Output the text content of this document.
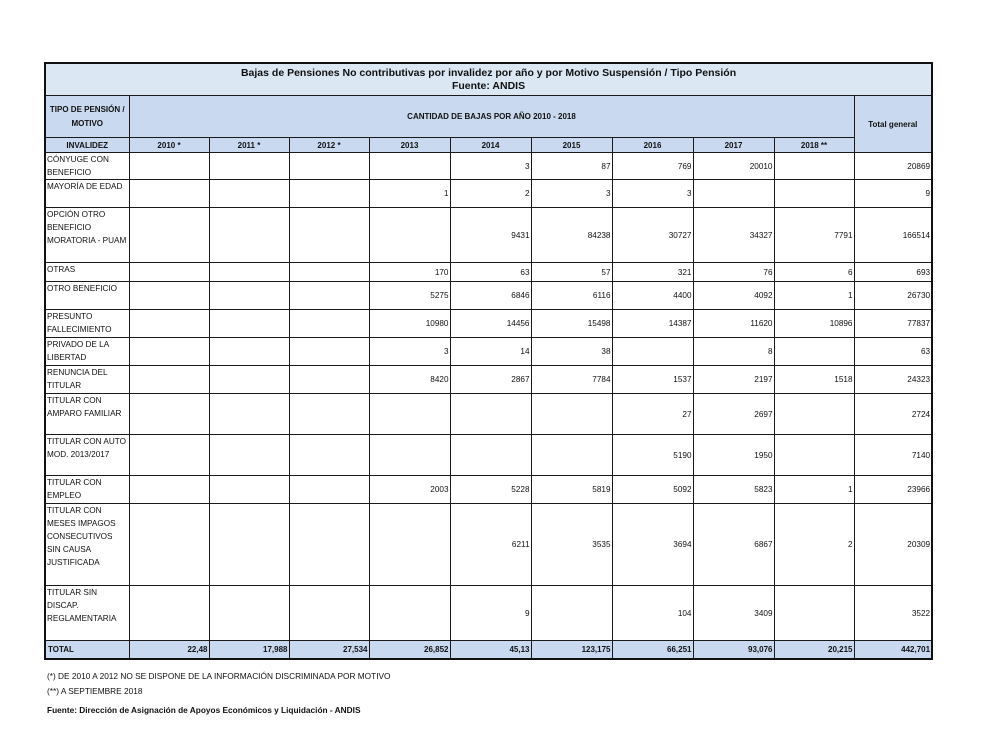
Bajas de Pensiones No contributivas por invalidez por año y por Motivo Suspensión / Tipo Pensión
Fuente: ANDIS										

TIPO DE PENSIÓN / MOTIVO	CANTIDAD DE BAJAS POR AÑO 2010 - 2018									Total general
INVALIDEZ	2010 *	2011 *	2012 *	2013	2014	2015	2016	2017	2018 **	
CÓNYUGE CON BENEFICIO					3	87	769	20010		20869
MAYORÍA DE EDAD				1	2	3	3			9
OPCIÓN OTRO BENEFICIO MORATORIA - PUAM					9431	84238	30727	34327	7791	166514
OTRAS				170	63	57	321	76	6	693
OTRO BENEFICIO				5275	6846	6116	4400	4092	1	26730
PRESUNTO FALLECIMIENTO				10980	14456	15498	14387	11620	10896	77837
PRIVADO DE LA LIBERTAD				3	14	38		8		63
RENUNCIA DEL TITULAR				8420	2867	7784	1537	2197	1518	24323
TITULAR CON AMPARO FAMILIAR							27	2697		2724
TITULAR CON AUTO MOD. 2013/2017							5190	1950		7140
TITULAR CON EMPLEO				2003	5228	5819	5092	5823	1	23966
TITULAR CON MESES IMPAGOS CONSECUTIVOS SIN CAUSA JUSTIFICADA					6211	3535	3694	6867	2	20309
TITULAR SIN DISCAP. REGLAMENTARIA					9		104	3409		3522
TOTAL	22,48	17,988	27,534	26,852	45,13	123,175	66,251	93,076	20,215	442,701
(*) DE 2010 A 2012 NO SE DISPONE DE LA INFORMACIÓN DISCRIMINADA POR MOTIVO
(**) A SEPTIEMBRE 2018
Fuente: Dirección de Asignación de Apoyos Económicos y Liquidación - ANDIS
